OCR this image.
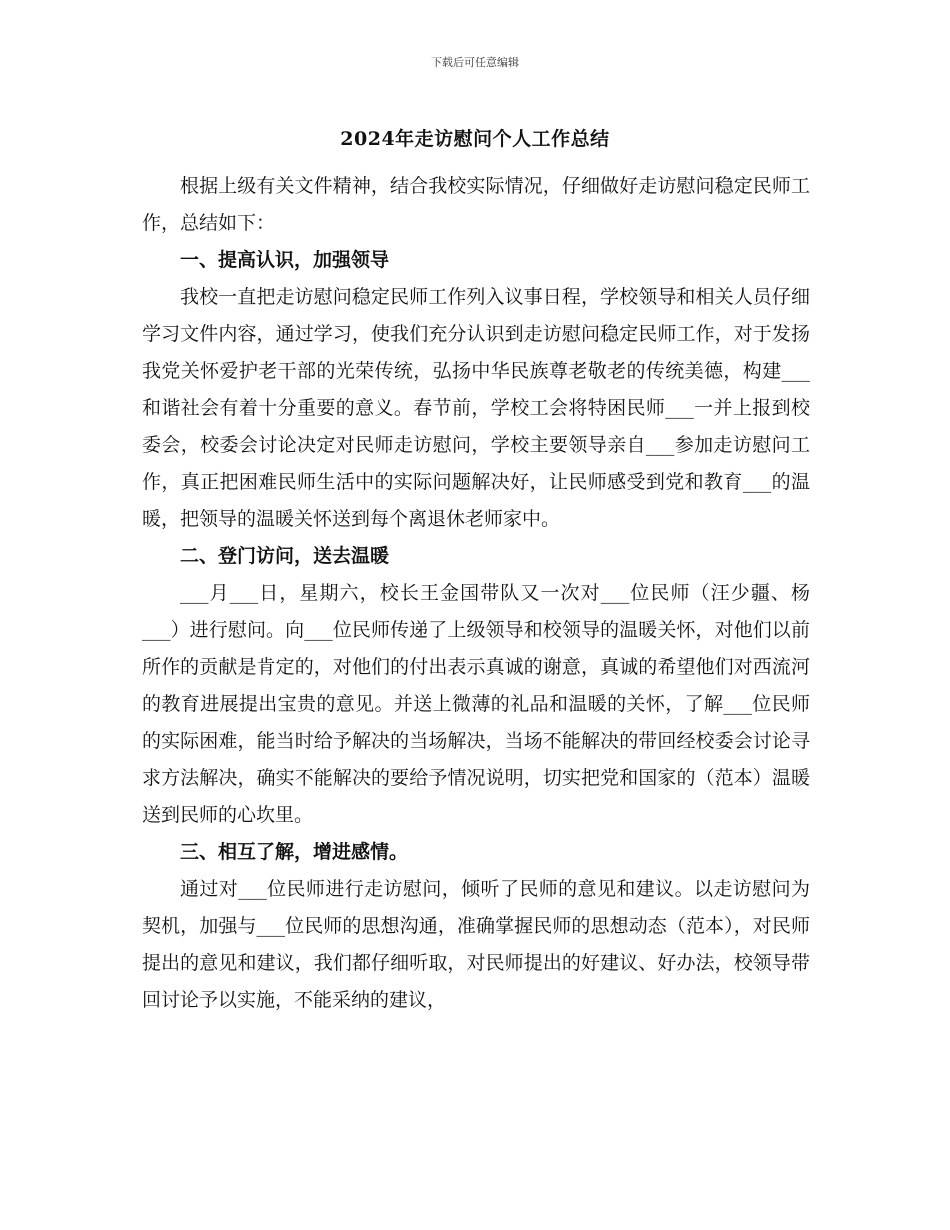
下载后可任意编辑
2024年走访慰问个人工作总结

根据上级有关文件精神，结合我校实际情况，仔细做好走访慰问稳定民师工作，总结如下：

一、提高认识，加强领导

我校一直把走访慰问稳定民师工作列入议事日程，学校领导和相关人员仔细学习文件内容，通过学习，使我们充分认识到走访慰问稳定民师工作，对于发扬我党关怀爱护老干部的光荣传统，弘扬中华民族尊老敬老的传统美德，构建___和谐社会有着十分重要的意义。春节前，学校工会将特困民师___一并上报到校委会，校委会讨论决定对民师走访慰问，学校主要领导亲自___参加走访慰问工作，真正把困难民师生活中的实际问题解决好，让民师感受到党和教育___的温暖，把领导的温暖关怀送到每个离退休老师家中。

二、登门访问，送去温暖

___月___日，星期六，校长王金国带队又一次对___位民师（汪少疆、杨___）进行慰问。向___位民师传递了上级领导和校领导的温暖关怀，对他们以前所作的贡献是肯定的，对他们的付出表示真诚的谢意，真诚的希望他们对西流河的教育进展提出宝贵的意见。并送上微薄的礼品和温暖的关怀，了解___位民师的实际困难，能当时给予解决的当场解决，当场不能解决的带回经校委会讨论寻求方法解决，确实不能解决的要给予情况说明，切实把党和国家的（范本）温暖送到民师的心坎里。

三、相互了解，增进感情。

通过对___位民师进行走访慰问，倾听了民师的意见和建议。以走访慰问为契机，加强与___位民师的思想沟通，准确掌握民师的思想动态（范本），对民师提出的意见和建议，我们都仔细听取，对民师提出的好建议、好办法，校领导带回讨论予以实施，不能采纳的建议，
